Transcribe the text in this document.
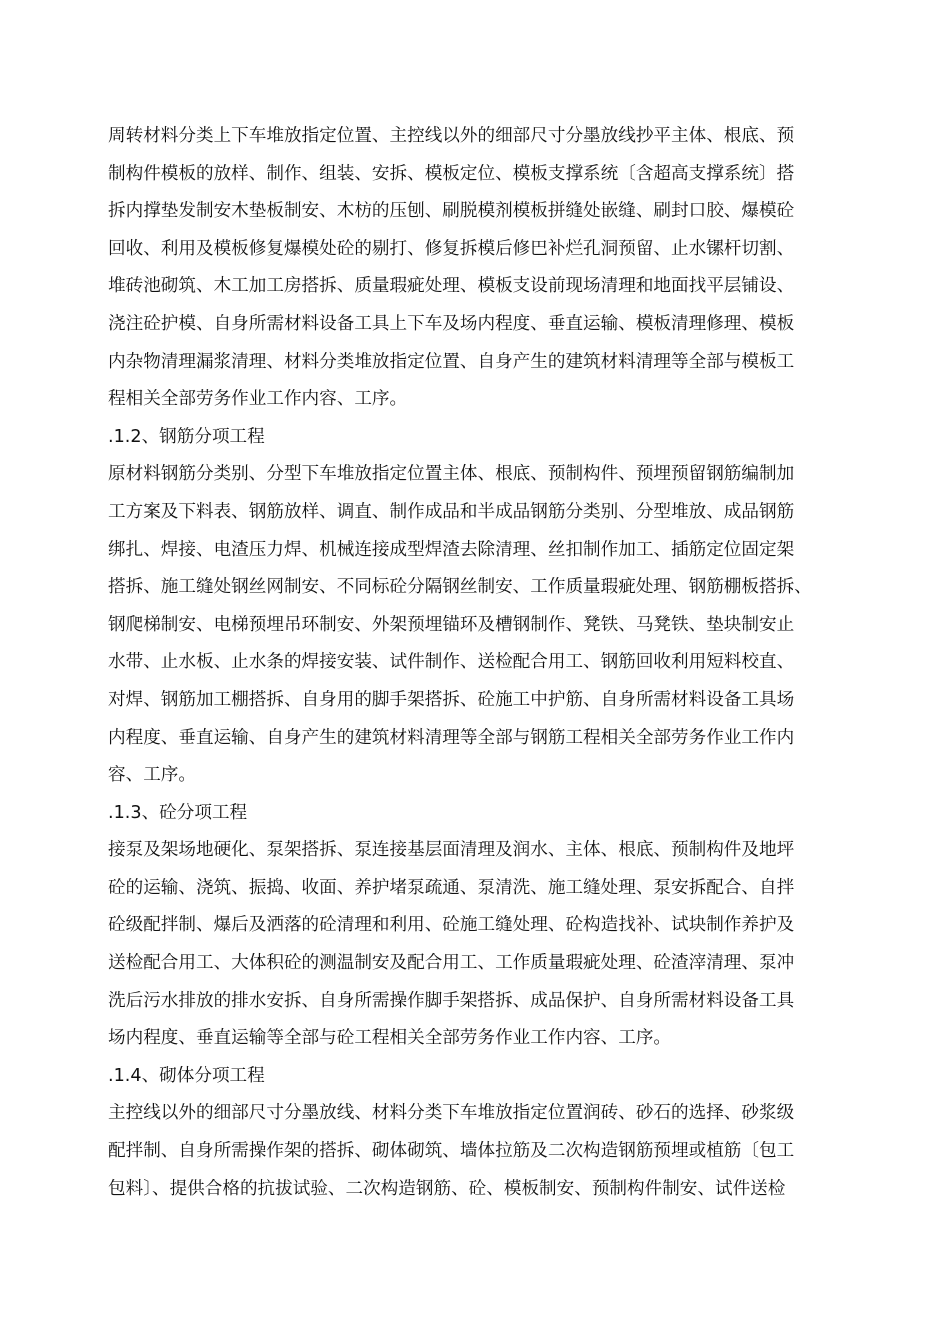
周转材料分类上下车堆放指定位置、主控线以外的细部尺寸分墨放线抄平主体、根底、预
制构件模板的放样、制作、组装、安拆、模板定位、模板支撑系统〔含超高支撑系统〕搭
拆内撑垫发制安木垫板制安、木枋的压刨、刷脱模剂模板拼缝处嵌缝、刷封口胶、爆模砼
回收、利用及模板修复爆模处砼的剔打、修复拆模后修巴补烂孔洞预留、止水镙杆切割、
堆砖池砌筑、木工加工房搭拆、质量瑕疵处理、模板支设前现场清理和地面找平层铺设、
浇注砼护模、自身所需材料设备工具上下车及场内程度、垂直运输、模板清理修理、模板
内杂物清理漏浆清理、材料分类堆放指定位置、自身产生的建筑材料清理等全部与模板工
程相关全部劳务作业工作内容、工序。
.1.2、钢筋分项工程
原材料钢筋分类别、分型下车堆放指定位置主体、根底、预制构件、预埋预留钢筋编制加
工方案及下料表、钢筋放样、调直、制作成品和半成品钢筋分类别、分型堆放、成品钢筋
绑扎、焊接、电渣压力焊、机械连接成型焊渣去除清理、丝扣制作加工、插筋定位固定架
搭拆、施工缝处钢丝网制安、不同标砼分隔钢丝制安、工作质量瑕疵处理、钢筋棚板搭拆、
钢爬梯制安、电梯预埋吊环制安、外架预埋锚环及槽钢制作、凳铁、马凳铁、垫块制安止
水带、止水板、止水条的焊接安装、试件制作、送检配合用工、钢筋回收利用短料校直、
对焊、钢筋加工棚搭拆、自身用的脚手架搭拆、砼施工中护筋、自身所需材料设备工具场
内程度、垂直运输、自身产生的建筑材料清理等全部与钢筋工程相关全部劳务作业工作内
容、工序。
.1.3、砼分项工程
接泵及架场地硬化、泵架搭拆、泵连接基层面清理及润水、主体、根底、预制构件及地坪
砼的运输、浇筑、振捣、收面、养护堵泵疏通、泵清洗、施工缝处理、泵安拆配合、自拌
砼级配拌制、爆后及洒落的砼清理和利用、砼施工缝处理、砼构造找补、试块制作养护及
送检配合用工、大体积砼的测温制安及配合用工、工作质量瑕疵处理、砼渣滓清理、泵冲
洗后污水排放的排水安拆、自身所需操作脚手架搭拆、成品保护、自身所需材料设备工具
场内程度、垂直运输等全部与砼工程相关全部劳务作业工作内容、工序。
.1.4、砌体分项工程
主控线以外的细部尺寸分墨放线、材料分类下车堆放指定位置润砖、砂石的选择、砂浆级
配拌制、自身所需操作架的搭拆、砌体砌筑、墙体拉筋及二次构造钢筋预埋或植筋〔包工
包料〕、提供合格的抗拔试验、二次构造钢筋、砼、模板制安、预制构件制安、试件送检
